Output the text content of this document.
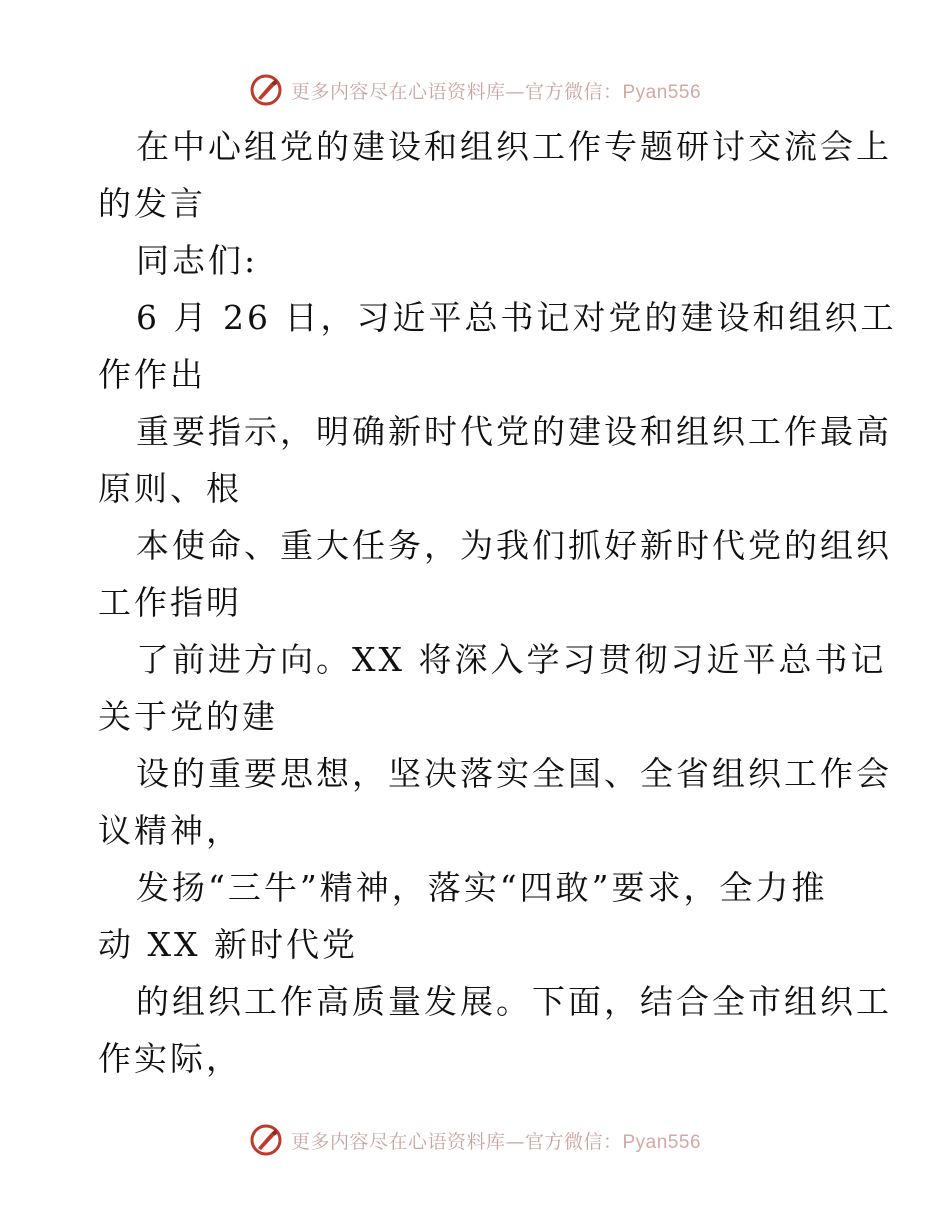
更多内容尽在心语资料库—官方微信：Pyan556

在中心组党的建设和组织工作专题研讨交流会上

的发言

同志们:

6 月 26 日，习近平总书记对党的建设和组织工

作作出

重要指示，明确新时代党的建设和组织工作最高

原则、根

本使命、重大任务，为我们抓好新时代党的组织

工作指明

了前进方向。XX 将深入学习贯彻习近平总书记

关于党的建

设的重要思想，坚决落实全国、全省组织工作会

议精神，

发扬“三牛”精神，落实“四敢”要求，全力推

动 XX 新时代党

的组织工作高质量发展。下面，结合全市组织工

作实际，

更多内容尽在心语资料库—官方微信：Pyan556
